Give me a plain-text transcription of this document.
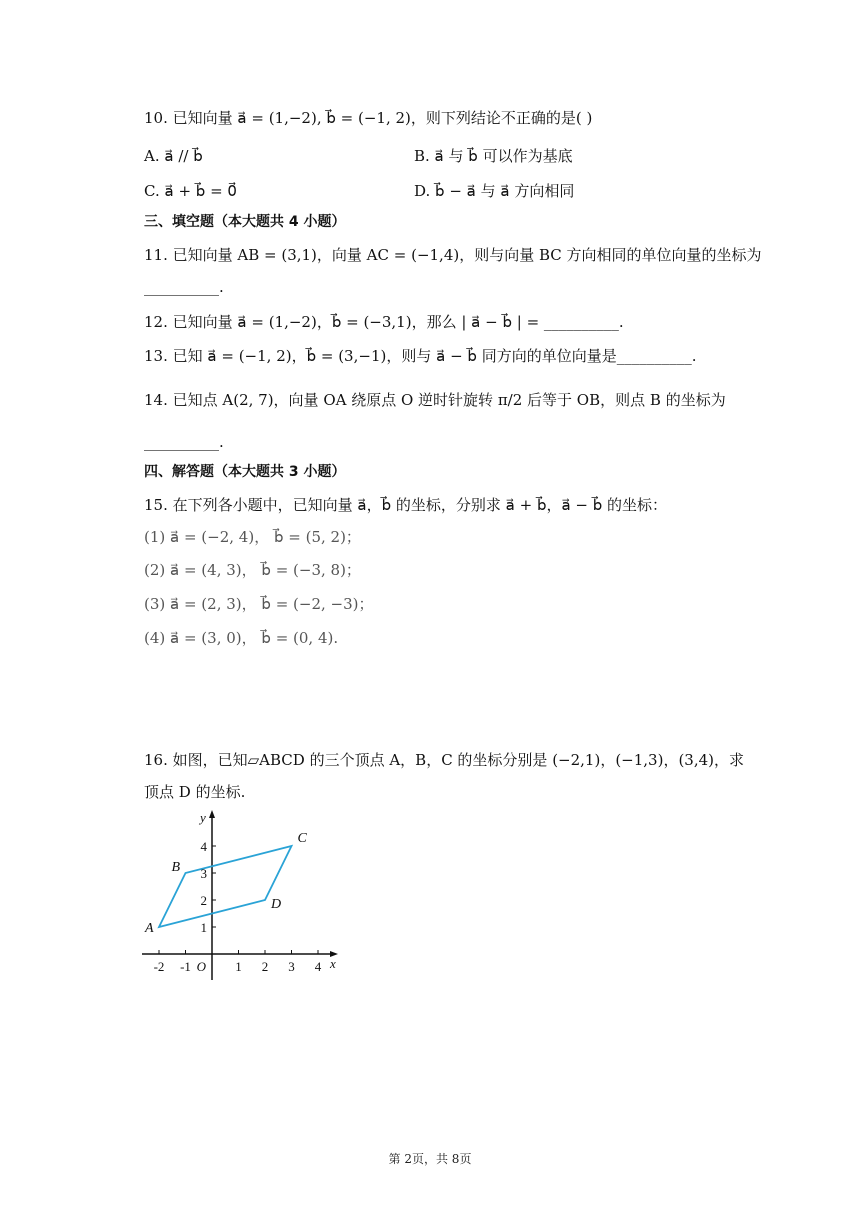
10. 已知向量 a⃗ = (1,−2), b⃗ = (−1, 2)，则下列结论不正确的是( )
A. a⃗ // b⃗	B. a⃗ 与 b⃗ 可以作为基底
C. a⃗ + b⃗ = 0⃗	D. b⃗ − a⃗ 与 a⃗ 方向相同
三、填空题（本大题共 4 小题）
11. 已知向量 AB = (3,1)，向量 AC = (−1,4)，则与向量 BC 方向相同的单位向量的坐标为
__________.
12. 已知向量 a⃗ = (1,−2)，b⃗ = (−3,1)，那么 | a⃗ − b⃗ | = __________.
13. 已知 a⃗ = (−1, 2)，b⃗ = (3,−1)，则与 a⃗ − b⃗ 同方向的单位向量是__________.
14. 已知点 A(2, 7)，向量 OA 绕原点 O 逆时针旋转 π/2 后等于 OB，则点 B 的坐标为
__________.
四、解答题（本大题共 3 小题）
15. 在下列各小题中，已知向量 a⃗，b⃗ 的坐标，分别求 a⃗ + b⃗，a⃗ − b⃗ 的坐标：
(1) a⃗ = (−2, 4)， b⃗ = (5, 2)；
(2) a⃗ = (4, 3)， b⃗ = (−3, 8)；
(3) a⃗ = (2, 3)， b⃗ = (−2, −3)；
(4) a⃗ = (3, 0)， b⃗ = (0, 4).
16. 如图，已知▱ABCD 的三个顶点 A，B，C 的坐标分别是 (−2,1)，(−1,3)，(3,4)，求
顶点 D 的坐标.
A
B
C
D
-2 -1	1 2 3 4
1
2
3
4
O	x
y
第 2页，共 8页
